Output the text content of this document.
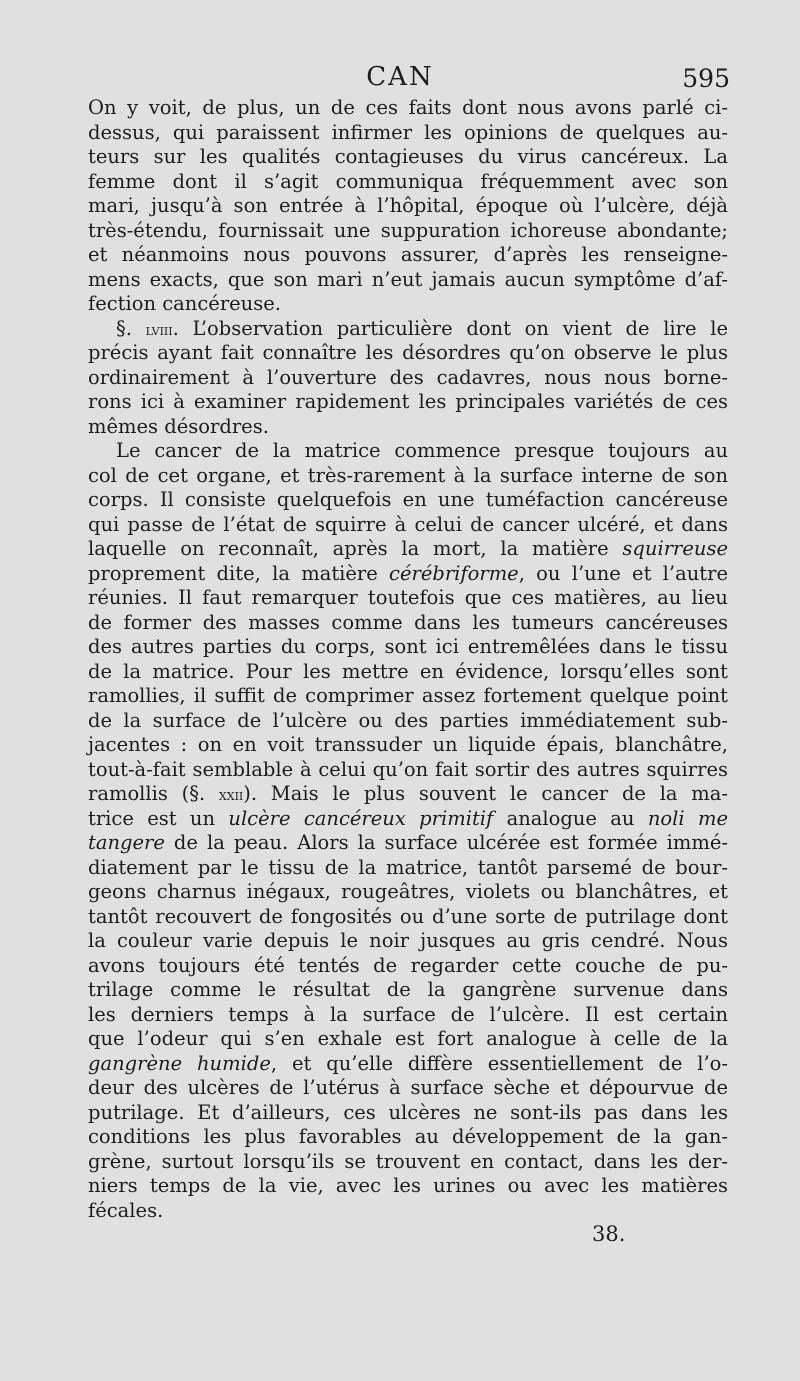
CAN	595
On y voit, de plus, un de ces faits dont nous avons parlé ci-
dessus, qui paraissent infirmer les opinions de quelques au-
teurs sur les qualités contagieuses du virus cancéreux. La
femme dont il s’agit communiqua fréquemment avec son
mari, jusqu’à son entrée à l’hôpital, époque où l’ulcère, déjà
très-étendu, fournissait une suppuration ichoreuse abondante;
et néanmoins nous pouvons assurer, d’après les renseigne-
mens exacts, que son mari n’eut jamais aucun symptôme d’af-
fection cancéreuse.
§. lviii. L’observation particulière dont on vient de lire le
précis ayant fait connaître les désordres qu’on observe le plus
ordinairement à l’ouverture des cadavres, nous nous borne-
rons ici à examiner rapidement les principales variétés de ces
mêmes désordres.
Le cancer de la matrice commence presque toujours au
col de cet organe, et très-rarement à la surface interne de son
corps. Il consiste quelquefois en une tuméfaction cancéreuse
qui passe de l’état de squirre à celui de cancer ulcéré, et dans
laquelle on reconnaît, après la mort, la matière squirreuse
proprement dite, la matière cérébriforme, ou l’une et l’autre
réunies. Il faut remarquer toutefois que ces matières, au lieu
de former des masses comme dans les tumeurs cancéreuses
des autres parties du corps, sont ici entremêlées dans le tissu
de la matrice. Pour les mettre en évidence, lorsqu’elles sont
ramollies, il suffit de comprimer assez fortement quelque point
de la surface de l’ulcère ou des parties immédiatement sub-
jacentes : on en voit transsuder un liquide épais, blanchâtre,
tout-à-fait semblable à celui qu’on fait sortir des autres squirres
ramollis (§. xxii). Mais le plus souvent le cancer de la ma-
trice est un ulcère cancéreux primitif analogue au noli me
tangere de la peau. Alors la surface ulcérée est formée immé-
diatement par le tissu de la matrice, tantôt parsemé de bour-
geons charnus inégaux, rougeâtres, violets ou blanchâtres, et
tantôt recouvert de fongosités ou d’une sorte de putrilage dont
la couleur varie depuis le noir jusques au gris cendré. Nous
avons toujours été tentés de regarder cette couche de pu-
trilage comme le résultat de la gangrène survenue dans
les derniers temps à la surface de l’ulcère. Il est certain
que l’odeur qui s’en exhale est fort analogue à celle de la
gangrène humide, et qu’elle diffère essentiellement de l’o-
deur des ulcères de l’utérus à surface sèche et dépourvue de
putrilage. Et d’ailleurs, ces ulcères ne sont-ils pas dans les
conditions les plus favorables au développement de la gan-
grène, surtout lorsqu’ils se trouvent en contact, dans les der-
niers temps de la vie, avec les urines ou avec les matières
fécales.
38.
